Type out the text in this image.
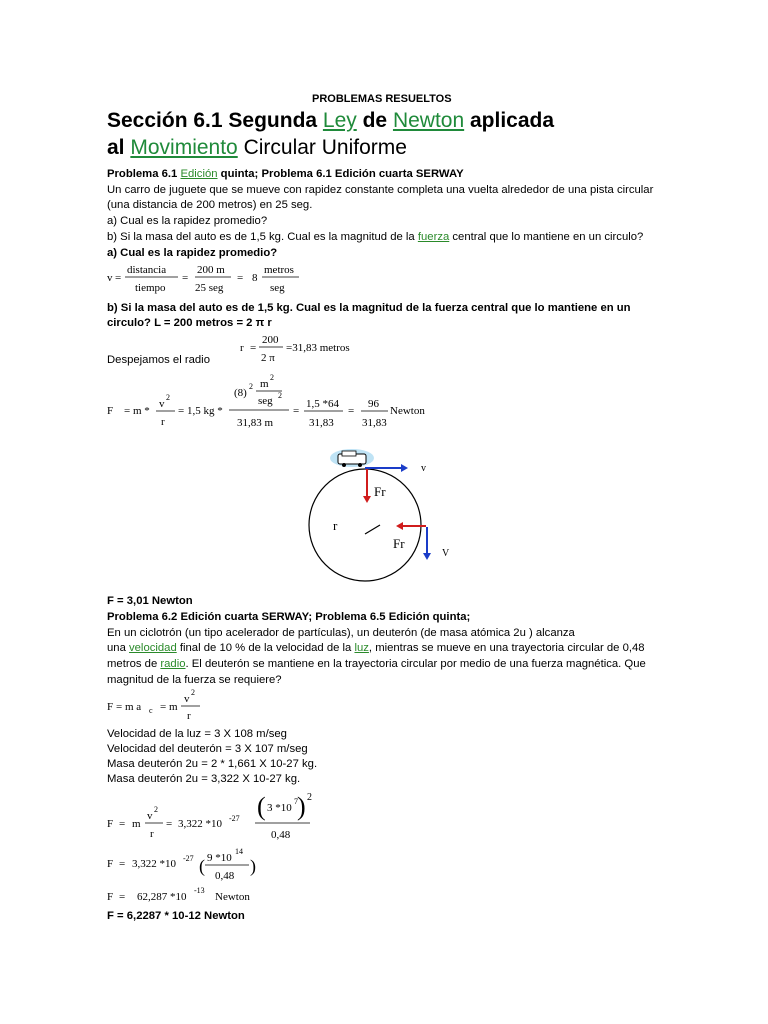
PROBLEMAS RESUELTOS
Sección 6.1 Segunda Ley de Newton aplicada
al Movimiento Circular Uniforme
Problema 6.1 Edición quinta; Problema 6.1 Edición cuarta SERWAY
Un carro de juguete que se mueve con rapidez constante completa una vuelta alrededor de una pista circular
(una distancia de 200 metros) en 25 seg.
a) Cual es la rapidez promedio?
b) Si la masa del auto es de 1,5 kg. Cual es la magnitud de la fuerza central que lo mantiene en un circulo?
a) Cual es la rapidez promedio?
v =
distancia
tiempo
=
200 m
25 seg
= 8
metros
seg
b) Si la masa del auto es de 1,5 kg. Cual es la magnitud de la fuerza central que lo mantiene en un
circulo? L = 200 metros = 2 π r
r =
200
2 π
=31,83 metros
Despejamos el radio
F = m *
v
2
r
= 1,5 kg *
(8)
2 m
2
seg 2
31,83 m
=
1,5 *64
31,83
=
96
31,83
Newton
v
Fr
r
Fr
V
F = 3,01 Newton
Problema 6.2 Edición cuarta SERWAY; Problema 6.5 Edición quinta;
En un ciclotrón (un tipo acelerador de partículas), un deuterón (de masa atómica 2u ) alcanza
una velocidad final de 10 % de la velocidad de la luz, mientras se mueve en una trayectoria circular de 0,48
metros de radio. El deuterón se mantiene en la trayectoria circular por medio de una fuerza magnética. Que
magnitud de la fuerza se requiere?
F = m a c = m
v
2
r
Velocidad de la luz = 3 X 108 m/seg
Velocidad del deuterón = 3 X 107 m/seg
Masa deuterón 2u = 2 * 1,661 X 10-27 kg.
Masa deuterón 2u = 3,322 X 10-27 kg.
F = m
v
2
r
= 3,322 *10 -27 ( 3 *10
7 ) 2
0,48
F = 3,322 *10 -27 ( 9 *10
14
0,48 )
F = 62,287 *10
-13
Newton
F = 6,2287 * 10-12 Newton
